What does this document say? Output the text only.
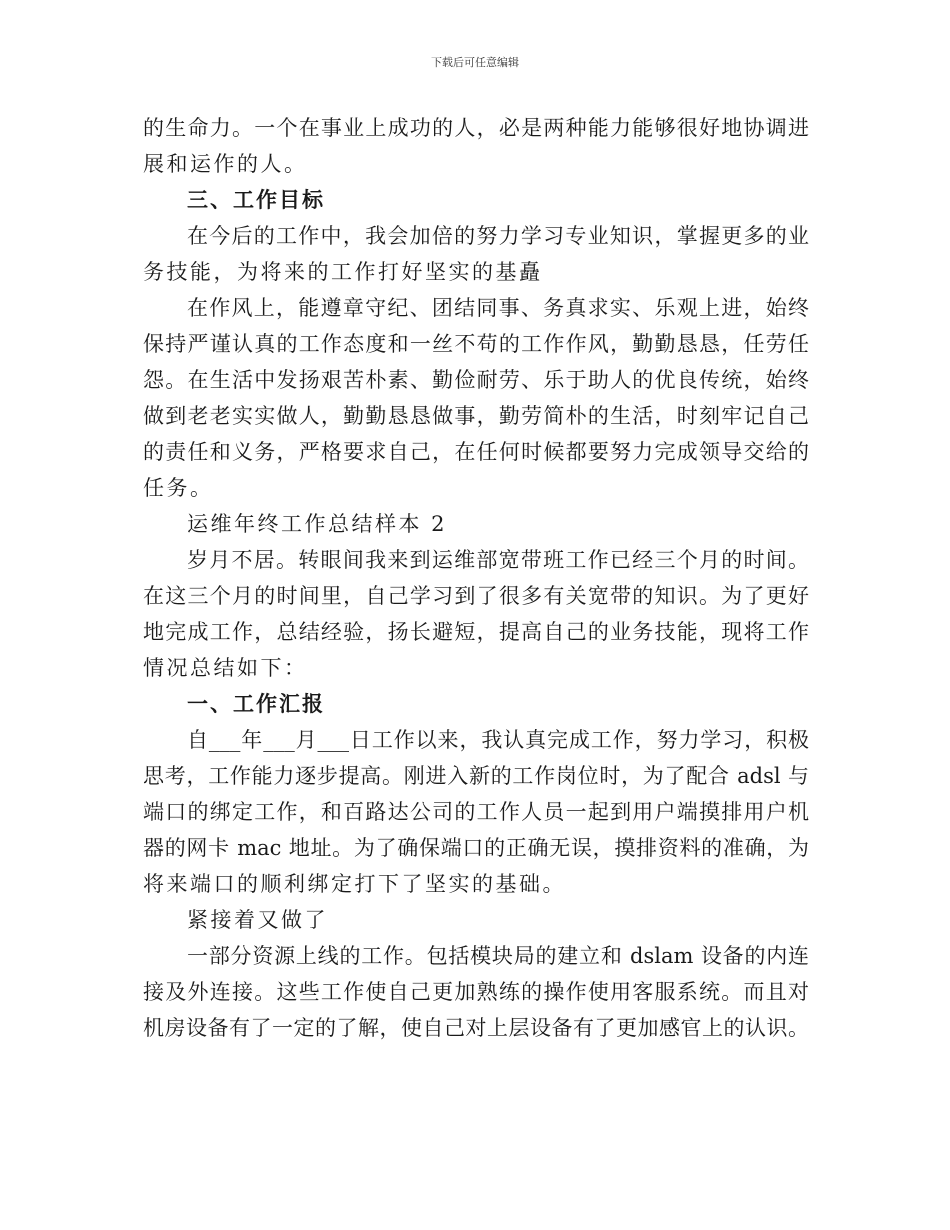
下载后可任意编辑
的生命力。一个在事业上成功的人，必是两种能力能够很好地协调进
展和运作的人。
三、工作目标
在今后的工作中，我会加倍的努力学习专业知识，掌握更多的业
务技能，为将来的工作打好坚实的基矗
在作风上，能遵章守纪、团结同事、务真求实、乐观上进，始终
保持严谨认真的工作态度和一丝不苟的工作作风，勤勤恳恳，任劳任
怨。在生活中发扬艰苦朴素、勤俭耐劳、乐于助人的优良传统，始终
做到老老实实做人，勤勤恳恳做事，勤劳简朴的生活，时刻牢记自己
的责任和义务，严格要求自己，在任何时候都要努力完成领导交给的
任务。
运维年终工作总结样本 2
岁月不居。转眼间我来到运维部宽带班工作已经三个月的时间。
在这三个月的时间里，自己学习到了很多有关宽带的知识。为了更好
地完成工作，总结经验，扬长避短，提高自己的业务技能，现将工作
情况总结如下：
一、工作汇报
自___年___月___日工作以来，我认真完成工作，努力学习，积极
思考，工作能力逐步提高。刚进入新的工作岗位时，为了配合 adsl 与
端口的绑定工作，和百路达公司的工作人员一起到用户端摸排用户机
器的网卡 mac 地址。为了确保端口的正确无误，摸排资料的准确，为
将来端口的顺利绑定打下了坚实的基础。
紧接着又做了
一部分资源上线的工作。包括模块局的建立和 dslam 设备的内连
接及外连接。这些工作使自己更加熟练的操作使用客服系统。而且对
机房设备有了一定的了解，使自己对上层设备有了更加感官上的认识。
